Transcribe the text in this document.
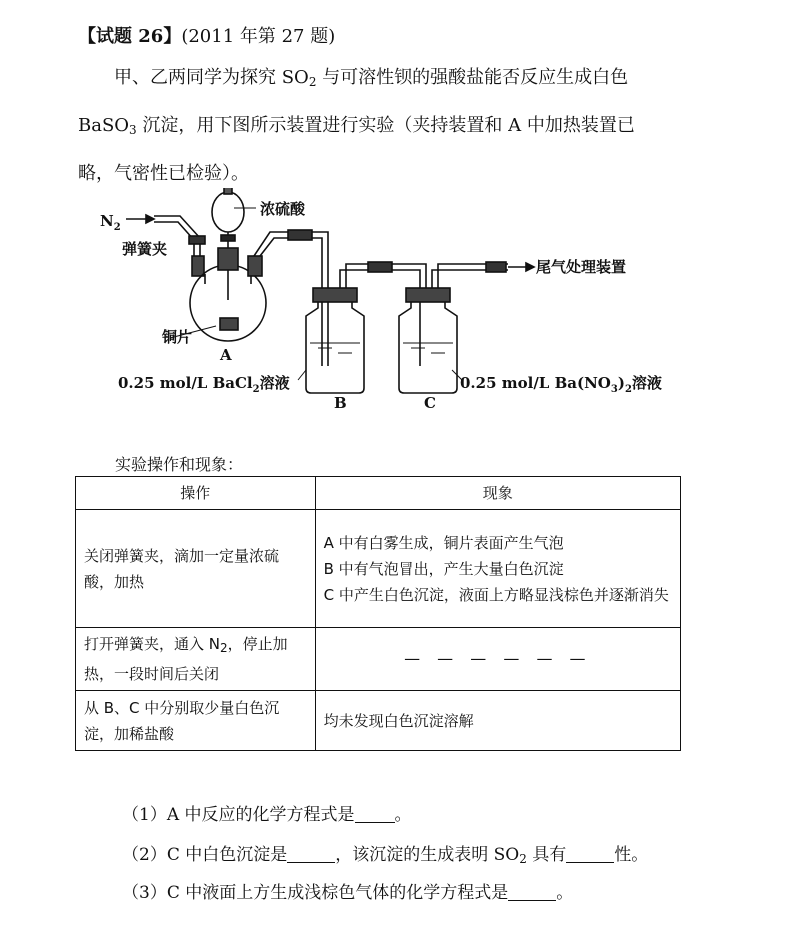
【试题 26】(2011 年第 27 题)
甲、乙两同学为探究 $SO_2$ 与可溶性钡的强酸盐能否反应生成白色
BaSO$_3$ 沉淀，用下图所示装置进行实验（夹持装置和 A 中加热装置已
略，气密性已检验）。
$N_2$
浓硫酸
弹簧夹
铜片
A
B	C
尾气处理装置
0.25 mol/L BaCl$_2$溶液	0.25 mol/L $Ba(NO_3)_2$溶液
实验操作和现象：
操作	现象
关闭弹簧夹，滴加一定量浓硫酸，加热	A 中有白雾生成，铜片表面产生气泡
B 中有气泡冒出，产生大量白色沉淀
C 中产生白色沉淀，液面上方略显浅棕色并逐渐消失

打开弹簧夹，通入 $N_2$，停止加热，一段时间后关闭	— — — — — —
从 B、C 中分别取少量白色沉淀，加稀盐酸	均未发现白色沉淀溶解
（1）A 中反应的化学方程式是 。
（2）C 中白色沉淀是	，该沉淀的生成表明 $SO_2$ 具有	性。
（3）C 中液面上方生成浅棕色气体的化学方程式是	。
